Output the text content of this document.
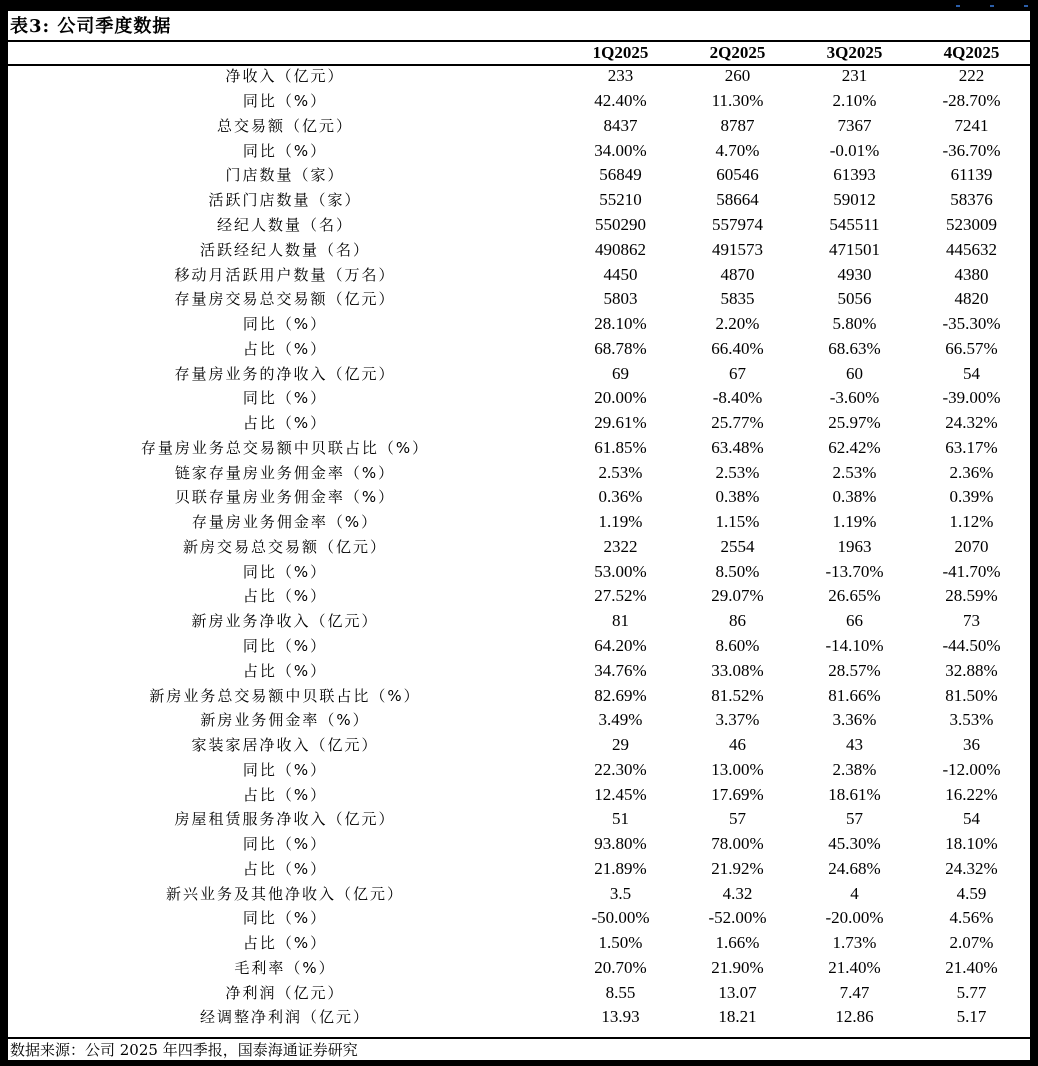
表3: 公司季度数据
	1Q2025	2Q2025	3Q2025	4Q2025
净收入（亿元）	233	260	231	222
同比（%）	42.40%	11.30%	2.10%	-28.70%
总交易额（亿元）	8437	8787	7367	7241
同比（%）	34.00%	4.70%	-0.01%	-36.70%
门店数量（家）	56849	60546	61393	61139
活跃门店数量（家）	55210	58664	59012	58376
经纪人数量（名）	550290	557974	545511	523009
活跃经纪人数量（名）	490862	491573	471501	445632
移动月活跃用户数量（万名）	4450	4870	4930	4380
存量房交易总交易额（亿元）	5803	5835	5056	4820
同比（%）	28.10%	2.20%	5.80%	-35.30%
占比（%）	68.78%	66.40%	68.63%	66.57%
存量房业务的净收入（亿元）	69	67	60	54
同比（%）	20.00%	-8.40%	-3.60%	-39.00%
占比（%）	29.61%	25.77%	25.97%	24.32%
存量房业务总交易额中贝联占比（%）	61.85%	63.48%	62.42%	63.17%
链家存量房业务佣金率（%）	2.53%	2.53%	2.53%	2.36%
贝联存量房业务佣金率（%）	0.36%	0.38%	0.38%	0.39%
存量房业务佣金率（%）	1.19%	1.15%	1.19%	1.12%
新房交易总交易额（亿元）	2322	2554	1963	2070
同比（%）	53.00%	8.50%	-13.70%	-41.70%
占比（%）	27.52%	29.07%	26.65%	28.59%
新房业务净收入（亿元）	81	86	66	73
同比（%）	64.20%	8.60%	-14.10%	-44.50%
占比（%）	34.76%	33.08%	28.57%	32.88%
新房业务总交易额中贝联占比（%）	82.69%	81.52%	81.66%	81.50%
新房业务佣金率（%）	3.49%	3.37%	3.36%	3.53%
家装家居净收入（亿元）	29	46	43	36
同比（%）	22.30%	13.00%	2.38%	-12.00%
占比（%）	12.45%	17.69%	18.61%	16.22%
房屋租赁服务净收入（亿元）	51	57	57	54
同比（%）	93.80%	78.00%	45.30%	18.10%
占比（%）	21.89%	21.92%	24.68%	24.32%
新兴业务及其他净收入（亿元）	3.5	4.32	4	4.59
同比（%）	-50.00%	-52.00%	-20.00%	4.56%
占比（%）	1.50%	1.66%	1.73%	2.07%
毛利率（%）	20.70%	21.90%	21.40%	21.40%
净利润（亿元）	8.55	13.07	7.47	5.77
经调整净利润（亿元）	13.93	18.21	12.86	5.17
数据来源：公司 2025 年四季报，国泰海通证券研究
